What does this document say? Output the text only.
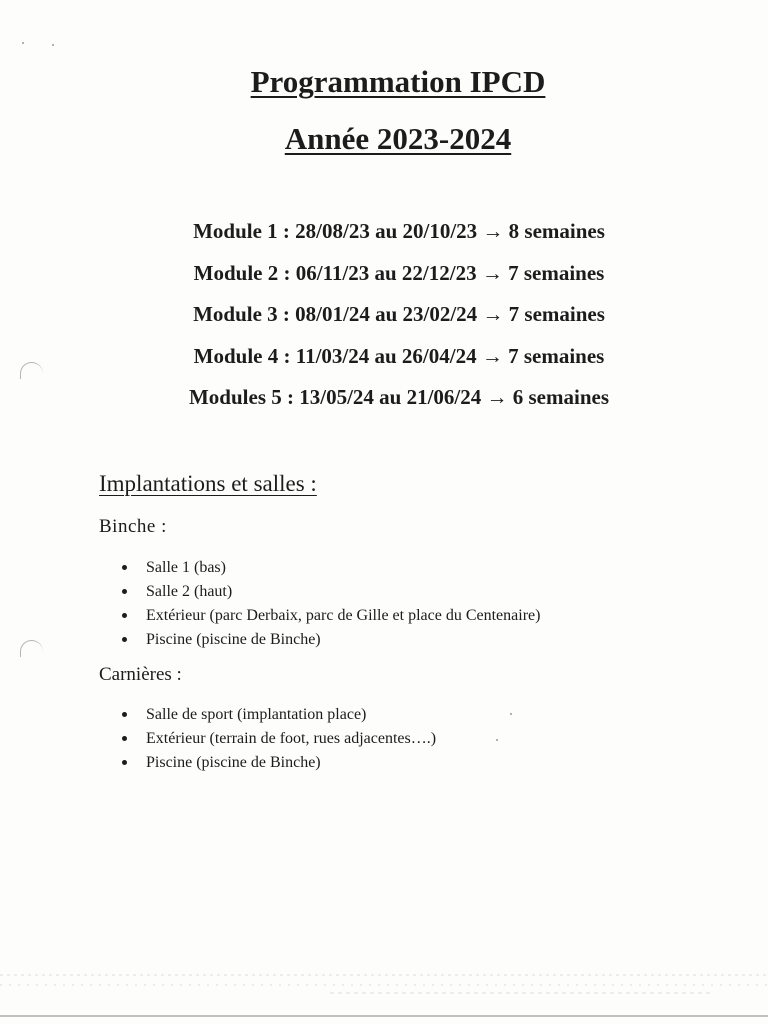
Programmation IPCD
Année 2023-2024
Module 1 : 28/08/23 au 20/10/23 → 8 semaines
Module 2 : 06/11/23 au 22/12/23 → 7 semaines
Module 3 : 08/01/24 au 23/02/24 → 7 semaines
Module 4 : 11/03/24 au 26/04/24 → 7 semaines
Modules 5 : 13/05/24 au 21/06/24 → 6 semaines
Implantations et salles :
Binche :
Salle 1 (bas)
Salle 2 (haut)
Extérieur (parc Derbaix, parc de Gille et place du Centenaire)
Piscine (piscine de Binche)
Carnières :
Salle de sport (implantation place)
Extérieur (terrain de foot, rues adjacentes….)
Piscine (piscine de Binche)
